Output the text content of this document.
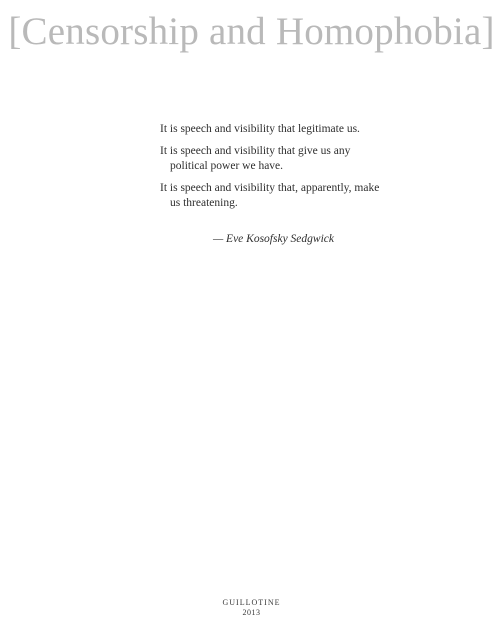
[Censorship and Homophobia]

It is speech and visibility that legitimate us.

It is speech and visibility that give us any political power we have.

It is speech and visibility that, apparently, make us threatening.

— Eve Kosofsky Sedgwick
GUILLOTINE
2013
